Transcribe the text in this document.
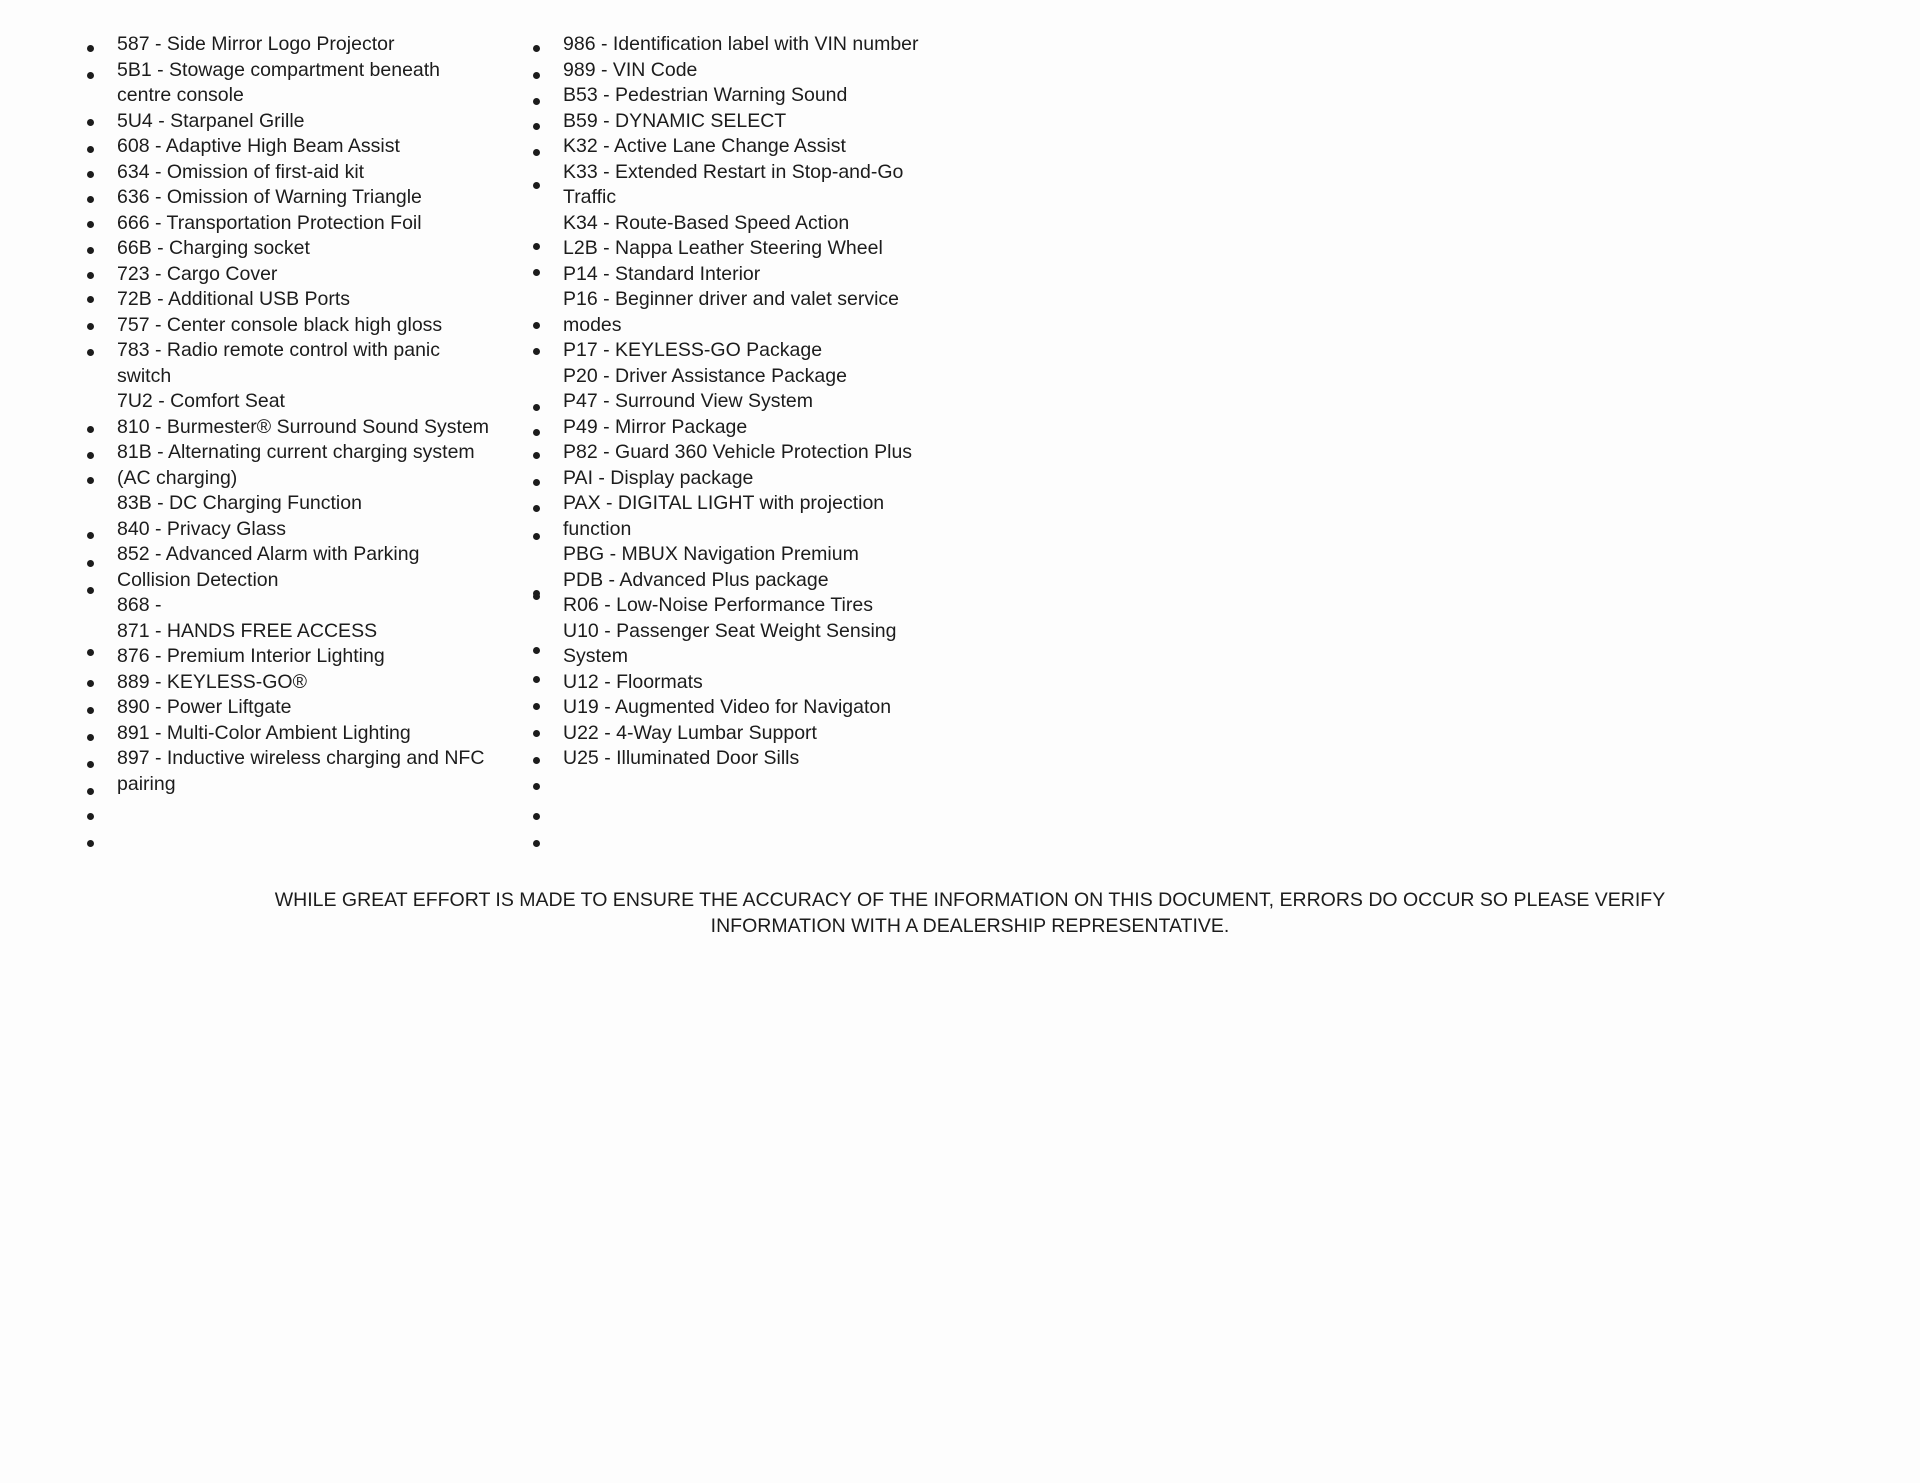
587 - Side Mirror Logo Projector
5B1 - Stowage compartment beneath
centre console
5U4 - Starpanel Grille
608 - Adaptive High Beam Assist
634 - Omission of first-aid kit
636 - Omission of Warning Triangle
666 - Transportation Protection Foil
66B - Charging socket
723 - Cargo Cover
72B - Additional USB Ports
757 - Center console black high gloss
783 - Radio remote control with panic
switch
7U2 - Comfort Seat
810 - Burmester® Surround Sound System
81B - Alternating current charging system
(AC charging)
83B - DC Charging Function
840 - Privacy Glass
852 - Advanced Alarm with Parking
Collision Detection
868 -
871 - HANDS FREE ACCESS
876 - Premium Interior Lighting
889 - KEYLESS-GO®
890 - Power Liftgate
891 - Multi-Color Ambient Lighting
897 - Inductive wireless charging and NFC
pairing
986 - Identification label with VIN number
989 - VIN Code
B53 - Pedestrian Warning Sound
B59 - DYNAMIC SELECT
K32 - Active Lane Change Assist
K33 - Extended Restart in Stop-and-Go
Traffic
K34 - Route-Based Speed Action
L2B - Nappa Leather Steering Wheel
P14 - Standard Interior
P16 - Beginner driver and valet service
modes
P17 - KEYLESS-GO Package
P20 - Driver Assistance Package
P47 - Surround View System
P49 - Mirror Package
P82 - Guard 360 Vehicle Protection Plus
PAI - Display package
PAX - DIGITAL LIGHT with projection
function
PBG - MBUX Navigation Premium
PDB - Advanced Plus package
R06 - Low-Noise Performance Tires
U10 - Passenger Seat Weight Sensing
System
U12 - Floormats
U19 - Augmented Video for Navigaton
U22 - 4-Way Lumbar Support
U25 - Illuminated Door Sills
WHILE GREAT EFFORT IS MADE TO ENSURE THE ACCURACY OF THE INFORMATION ON THIS DOCUMENT, ERRORS DO OCCUR SO PLEASE VERIFY
INFORMATION WITH A DEALERSHIP REPRESENTATIVE.
